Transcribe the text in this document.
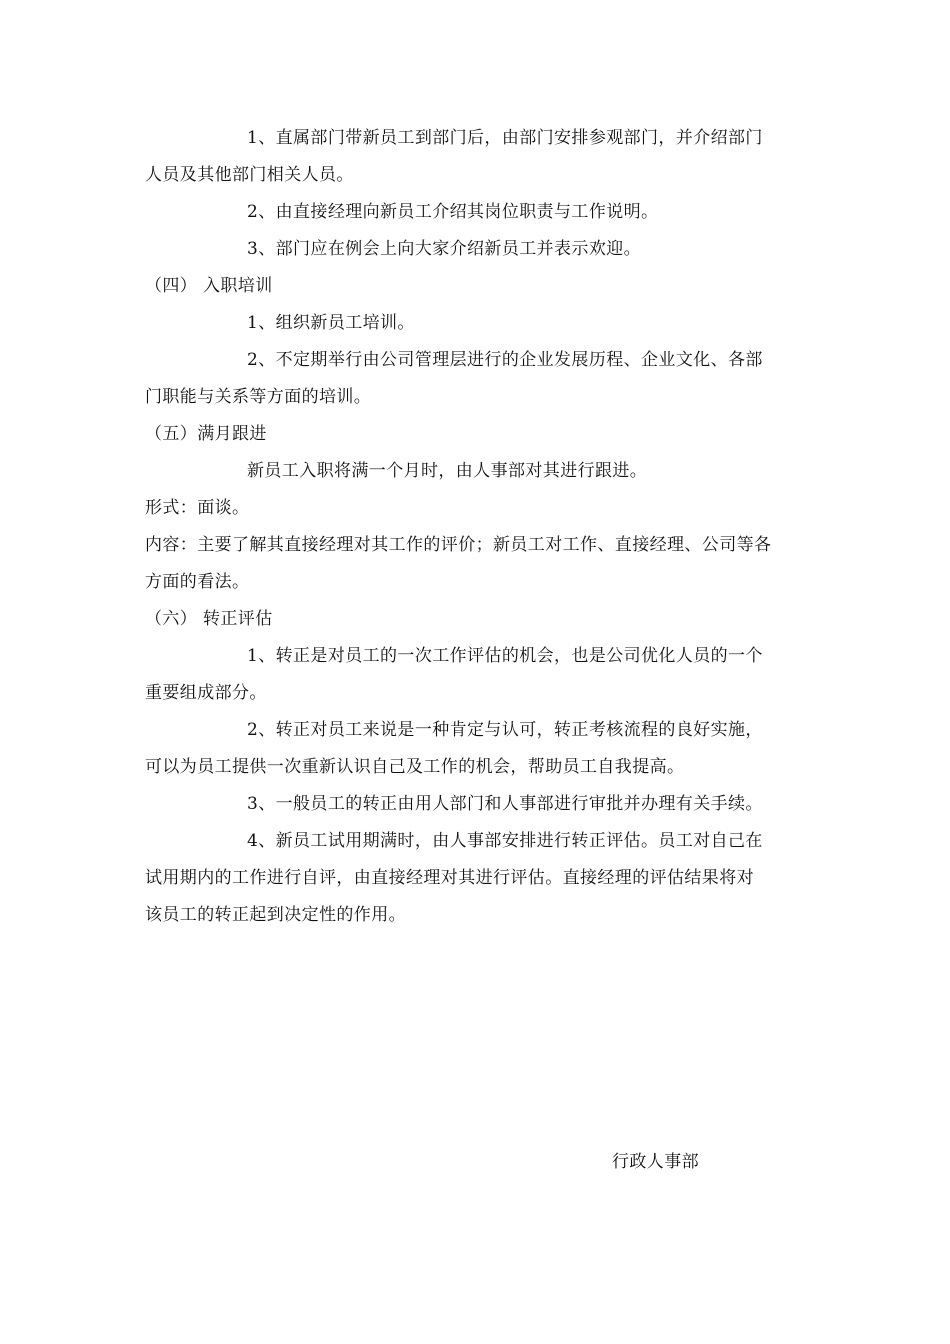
1、直属部门带新员工到部门后，由部门安排参观部门，并介绍部门
人员及其他部门相关人员。
2、由直接经理向新员工介绍其岗位职责与工作说明。
3、部门应在例会上向大家介绍新员工并表示欢迎。
（四） 入职培训
1、组织新员工培训。
2、不定期举行由公司管理层进行的企业发展历程、企业文化、各部
门职能与关系等方面的培训。
（五）满月跟进
新员工入职将满一个月时，由人事部对其进行跟进。
形式：面谈。
内容：主要了解其直接经理对其工作的评价；新员工对工作、直接经理、公司等各
方面的看法。
（六） 转正评估
1、转正是对员工的一次工作评估的机会，也是公司优化人员的一个
重要组成部分。
2、转正对员工来说是一种肯定与认可，转正考核流程的良好实施，
可以为员工提供一次重新认识自己及工作的机会，帮助员工自我提高。
3、一般员工的转正由用人部门和人事部进行审批并办理有关手续。
4、新员工试用期满时，由人事部安排进行转正评估。员工对自己在
试用期内的工作进行自评，由直接经理对其进行评估。直接经理的评估结果将对
该员工的转正起到决定性的作用。
行政人事部
